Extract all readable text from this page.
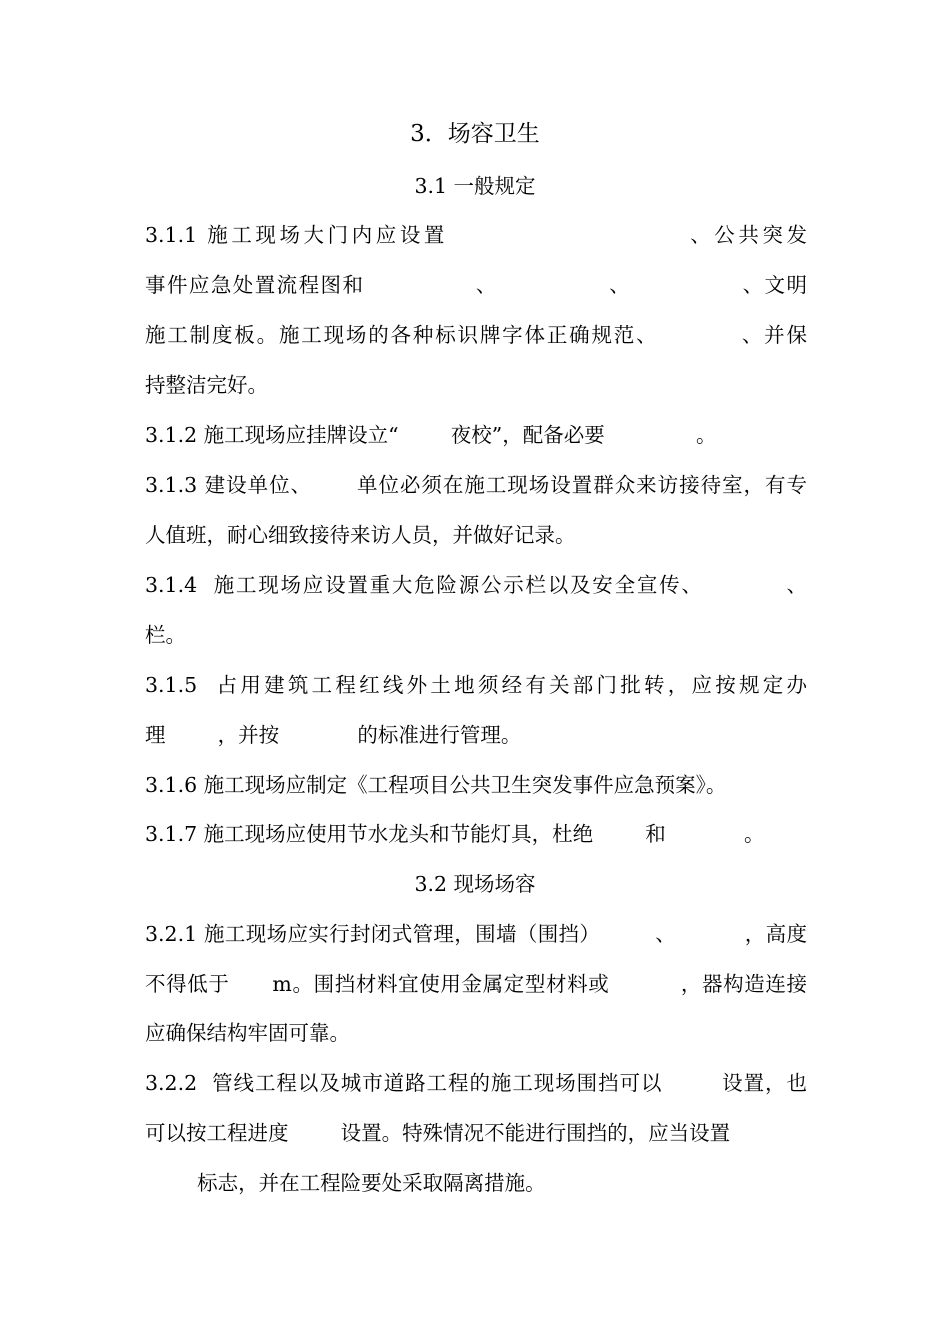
3．场容卫生
3.1 一般规定
3.1.1 施工现场大门内应设置                        、公共突发
事件应急处置流程图和              、              、              、文明
施工制度板。施工现场的各种标识牌字体正确规范、          、并保
持整洁完好。
3.1.2 施工现场应挂牌设立“        夜校”，配备必要              。
3.1.3 建设单位、      单位必须在施工现场设置群众来访接待室，有专
人值班，耐心细致接待来访人员，并做好记录。
3.1.4  施工现场应设置重大危险源公示栏以及安全宣传、          、
栏。
3.1.5  占用建筑工程红线外土地须经有关部门批转，应按规定办
理        ，并按            的标准进行管理。
3.1.6 施工现场应制定《工程项目公共卫生突发事件应急预案》。
3.1.7 施工现场应使用节水龙头和节能灯具，杜绝        和            。
3.2 现场场容
3.2.1 施工现场应实行封闭式管理，围墙（围挡）        、          ，高度
不得低于      m。围挡材料宜使用金属定型材料或          ，器构造连接
应确保结构牢固可靠。
3.2.2  管线工程以及城市道路工程的施工现场围挡可以        设置，也
可以按工程进度        设置。特殊情况不能进行围挡的，应当设置
标志，并在工程险要处采取隔离措施。
